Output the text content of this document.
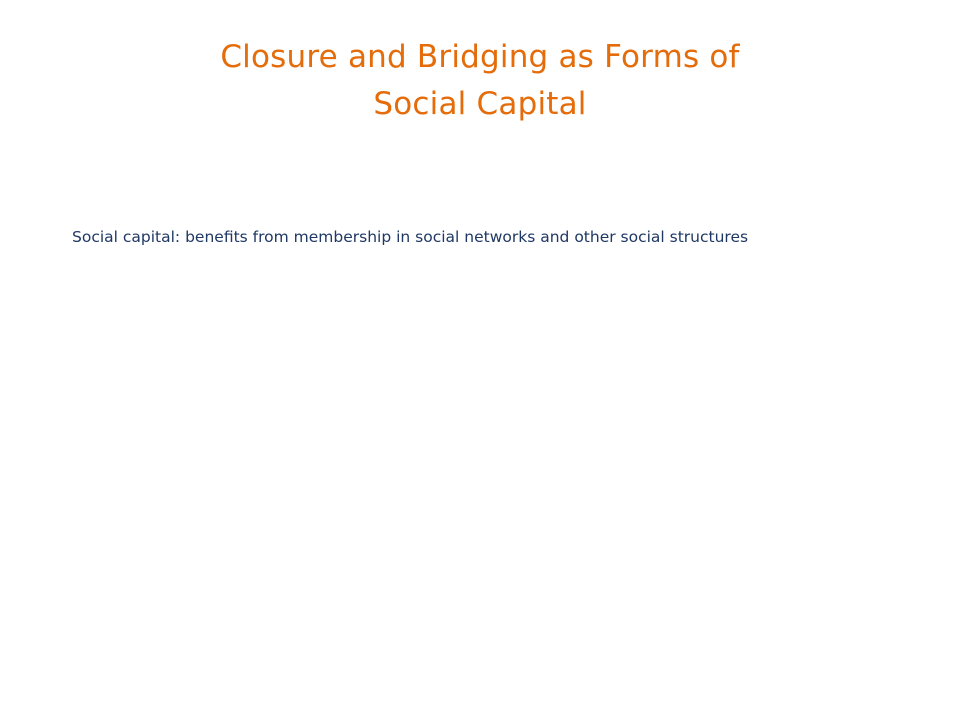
Closure and Bridging as Forms of
Social Capital

Social capital: benefits from membership in social networks and other social structures
